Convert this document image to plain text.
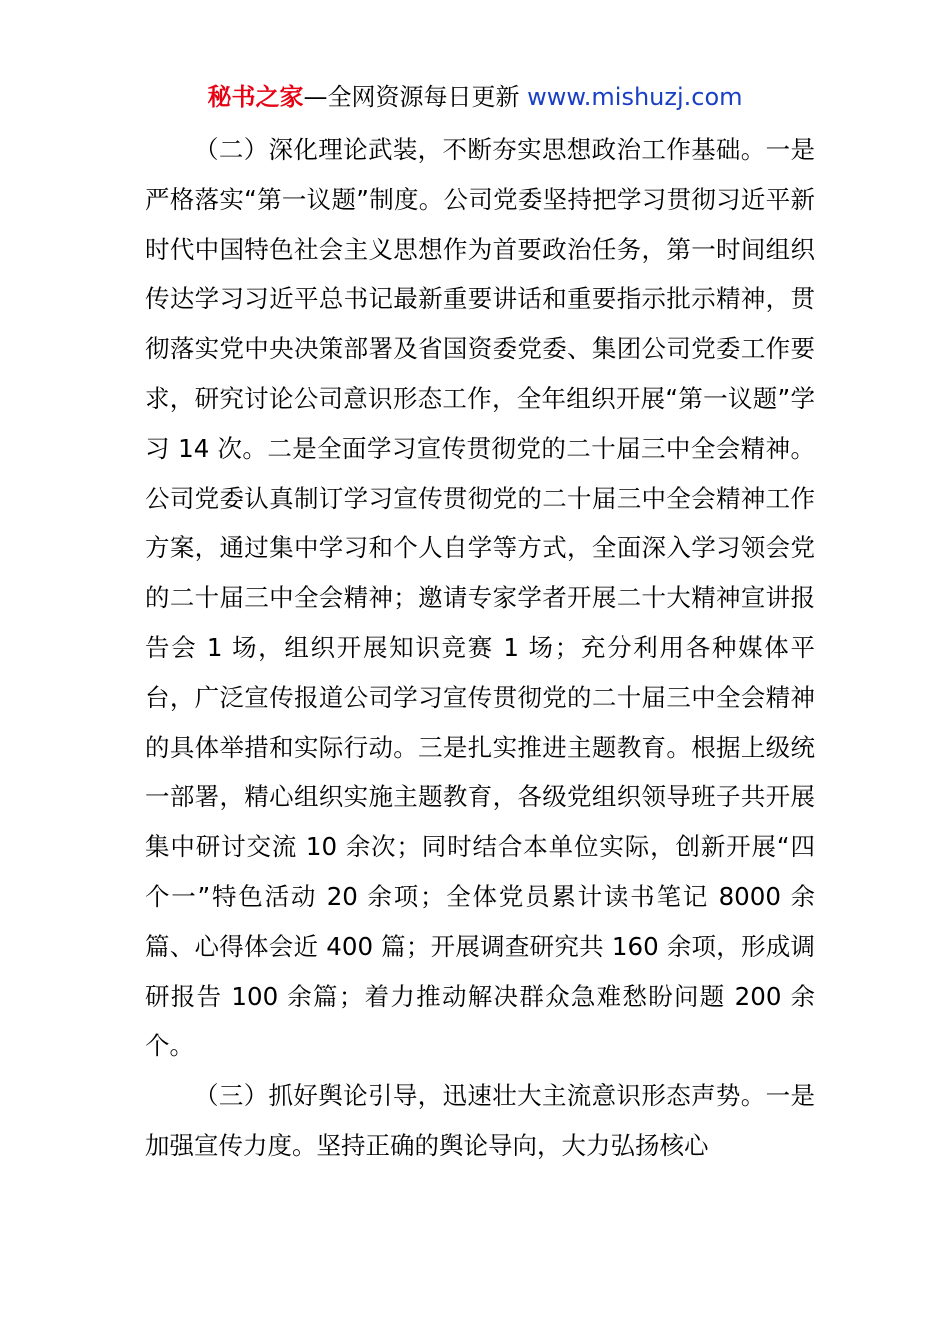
秘书之家—全网资源每日更新 www.mishuzj.com

（二）深化理论武装，不断夯实思想政治工作基础。一是严格落实“第一议题”制度。公司党委坚持把学习贯彻习近平新时代中国特色社会主义思想作为首要政治任务，第一时间组织传达学习习近平总书记最新重要讲话和重要指示批示精神，贯彻落实党中央决策部署及省国资委党委、集团公司党委工作要求，研究讨论公司意识形态工作，全年组织开展“第一议题”学习 14 次。二是全面学习宣传贯彻党的二十届三中全会精神。公司党委认真制订学习宣传贯彻党的二十届三中全会精神工作方案，通过集中学习和个人自学等方式，全面深入学习领会党的二十届三中全会精神；邀请专家学者开展二十大精神宣讲报告会 1 场，组织开展知识竞赛 1 场；充分利用各种媒体平台，广泛宣传报道公司学习宣传贯彻党的二十届三中全会精神的具体举措和实际行动。三是扎实推进主题教育。根据上级统一部署，精心组织实施主题教育，各级党组织领导班子共开展集中研讨交流 10 余次；同时结合本单位实际，创新开展“四个一”特色活动 20 余项；全体党员累计读书笔记 8000 余篇、心得体会近 400 篇；开展调查研究共 160 余项，形成调研报告 100 余篇；着力推动解决群众急难愁盼问题 200 余个。

（三）抓好舆论引导，迅速壮大主流意识形态声势。一是加强宣传力度。坚持正确的舆论导向，大力弘扬核心
